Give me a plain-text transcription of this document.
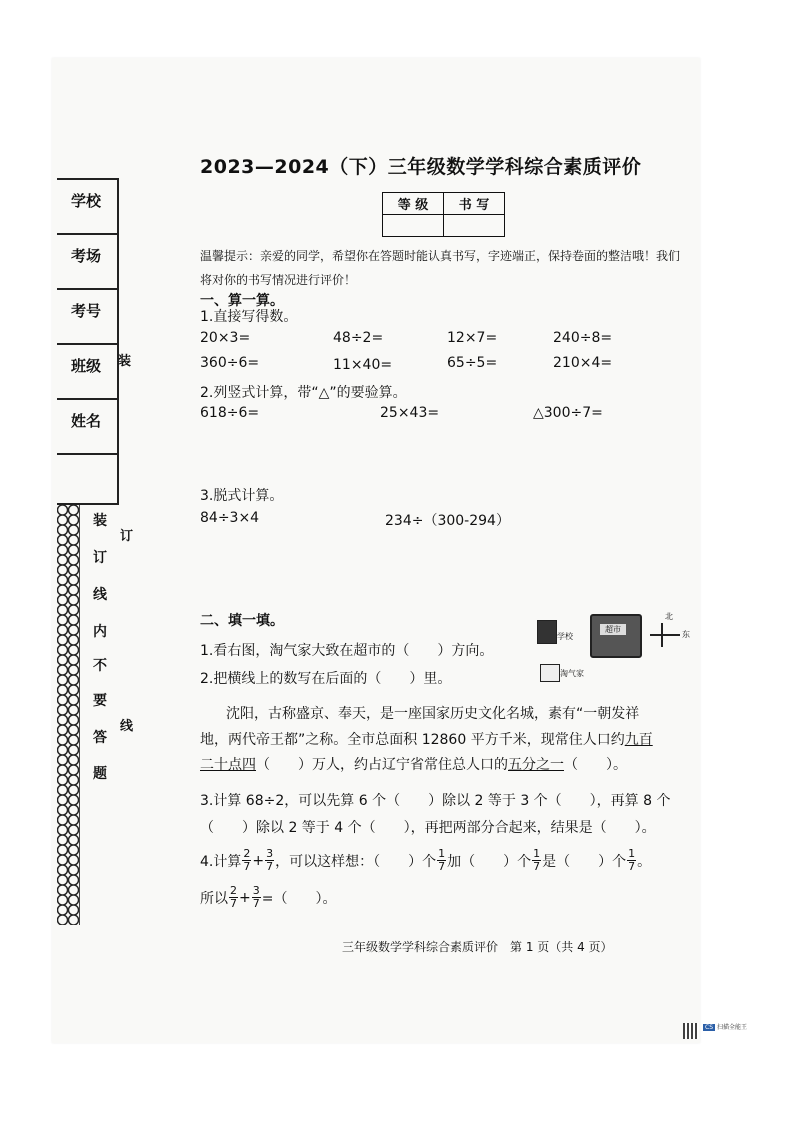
学校
考场
考号
班级
姓名
装
订
线
内
不
要
答
题
装
订
线
2023—2024（下）三年级数学学科综合素质评价
等 级	书 写

温馨提示：亲爱的同学，希望你在答题时能认真书写，字迹端正，保持卷面的整洁哦！我们将对你的书写情况进行评价！
一、算一算。
1.直接写得数。
20×3=	48÷2=	12×7=	240÷8=
360÷6=	11×40=	65÷5=	210×4=
2.列竖式计算，带“△”的要验算。
618÷6=	25×43=	△300÷7=
3.脱式计算。
84÷3×4	234÷（300-294）
二、填一填。
1.看右图，淘气家大致在超市的（　　）方向。
2.把横线上的数写在后面的（　　）里。
学校
超市
淘气家
北
东
沈阳，古称盛京、奉天，是一座国家历史文化名城，素有“一朝发祥
地，两代帝王都”之称。全市总面积 12860 平方千米，现常住人口约九百
二十点四（　　）万人，约占辽宁省常住总人口的五分之一（　　）。
3.计算 68÷2，可以先算 6 个（　　）除以 2 等于 3 个（　　），再算 8 个
（　　）除以 2 等于 4 个（　　），再把两部分合起来，结果是（　　）。
4.计算 $\frac{2}{7} + \frac{3}{7}$ ，可以这样想：（　　）个 $\frac{1}{7}$ 加（　　）个 $\frac{1}{7}$ 是（　　）个 $\frac{1}{7}$ 。
所以 $\frac{2}{7} + \frac{3}{7}$ =（　　）。
三年级数学学科综合素质评价　第 1 页（共 4 页）
CS 扫描全能王
